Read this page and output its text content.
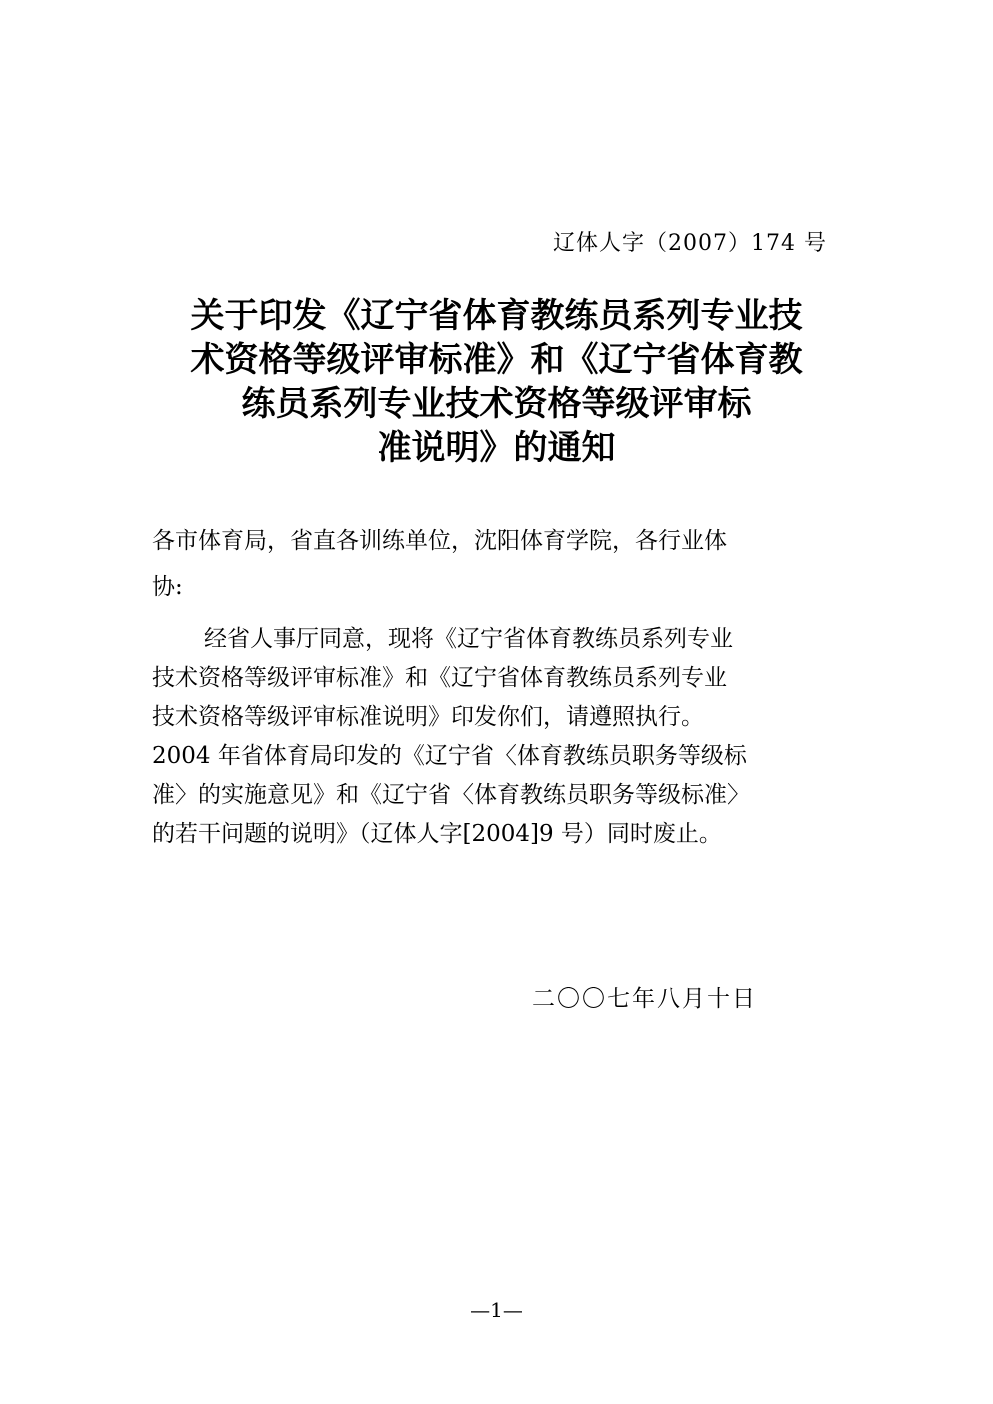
辽体人字（2007）174 号
关于印发《辽宁省体育教练员系列专业技
术资格等级评审标准》和《辽宁省体育教
练员系列专业技术资格等级评审标
准说明》的通知
各市体育局，省直各训练单位，沈阳体育学院，各行业体
协:
经省人事厅同意，现将《辽宁省体育教练员系列专业
技术资格等级评审标准》和《辽宁省体育教练员系列专业
技术资格等级评审标准说明》印发你们，请遵照执行。
2004 年省体育局印发的《辽宁省〈体育教练员职务等级标
准〉的实施意见》和《辽宁省〈体育教练员职务等级标准〉
的若干问题的说明》（辽体人字[2004]9 号）同时废止。
二〇〇七年八月十日
—1—
